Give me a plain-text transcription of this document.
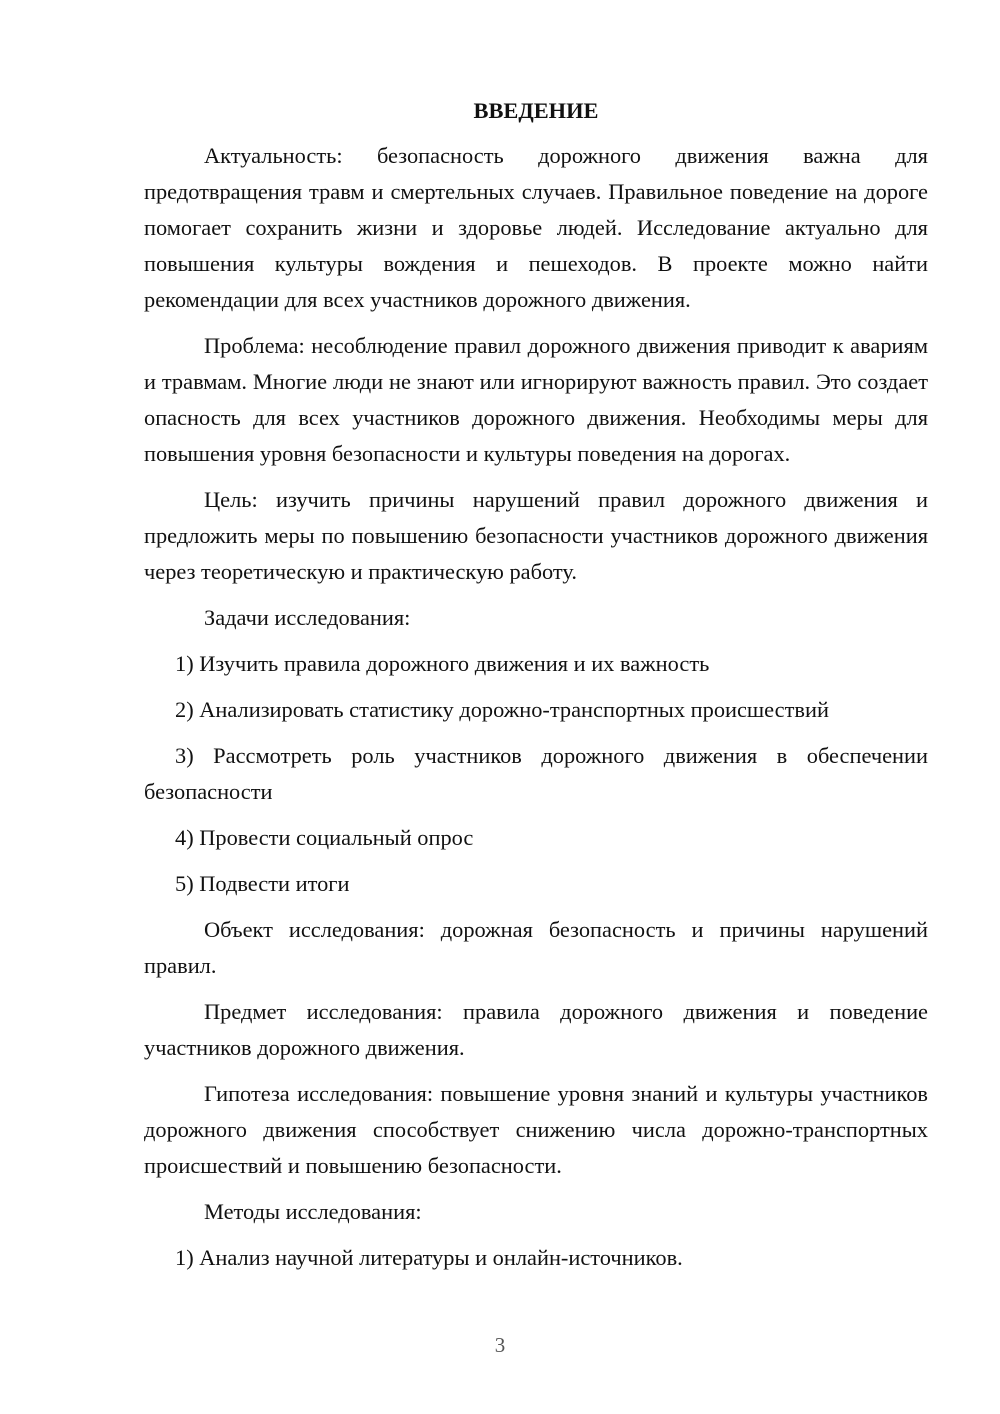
ВВЕДЕНИЕ

Актуальность: безопасность дорожного движения важна для предотвращения травм и смертельных случаев. Правильное поведение на дороге помогает сохранить жизни и здоровье людей. Исследование актуально для повышения культуры вождения и пешеходов. В проекте можно найти рекомендации для всех участников дорожного движения.

Проблема: несоблюдение правил дорожного движения приводит к авариям и травмам. Многие люди не знают или игнорируют важность правил. Это создает опасность для всех участников дорожного движения. Необходимы меры для повышения уровня безопасности и культуры поведения на дорогах.

Цель: изучить причины нарушений правил дорожного движения и предложить меры по повышению безопасности участников дорожного движения через теоретическую и практическую работу.

Задачи исследования:

1) Изучить правила дорожного движения и их важность

2) Анализировать статистику дорожно-транспортных происшествий

3) Рассмотреть роль участников дорожного движения в обеспечении безопасности

4) Провести социальный опрос

5) Подвести итоги

Объект исследования: дорожная безопасность и причины нарушений правил.

Предмет исследования: правила дорожного движения и поведение участников дорожного движения.

Гипотеза исследования: повышение уровня знаний и культуры участников дорожного движения способствует снижению числа дорожно-транспортных происшествий и повышению безопасности.

Методы исследования:

1) Анализ научной литературы и онлайн-источников.

3
